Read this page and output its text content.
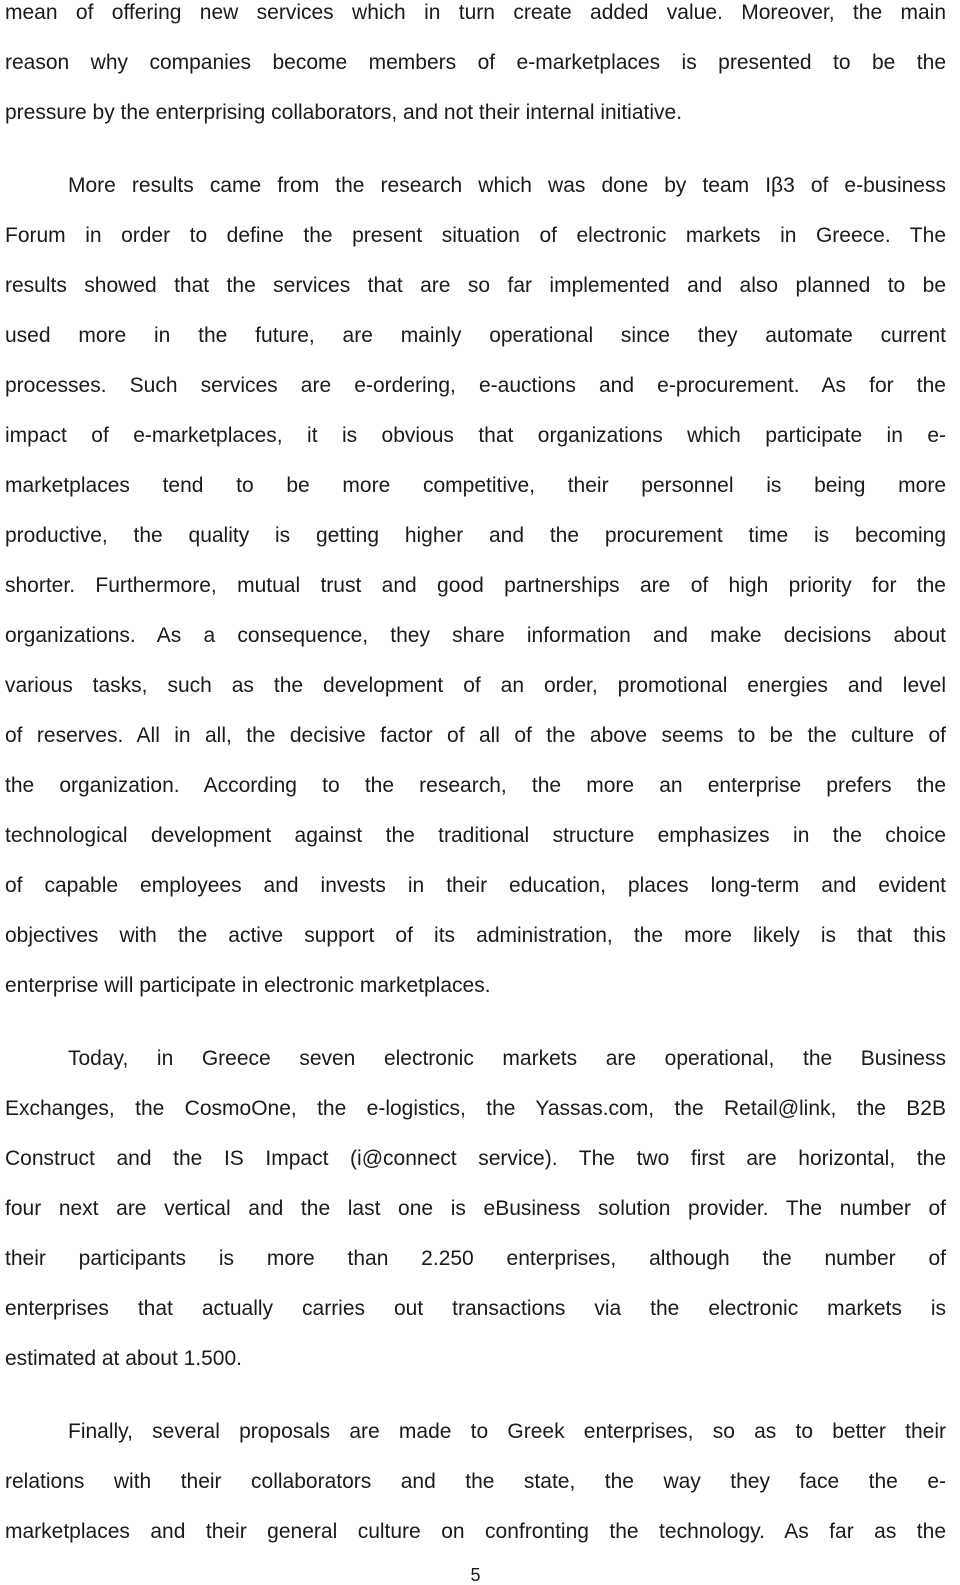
mean of offering new services which in turn create added value. Moreover, the main
reason why companies become members of e-marketplaces is presented to be the
pressure by the enterprising collaborators, and not their internal initiative.
More results came from the research which was done by team Iβ3 of e-business
Forum in order to define the present situation of electronic markets in Greece. The
results showed that the services that are so far implemented and also planned to be
used more in the future, are mainly operational since they automate current
processes. Such services are e-ordering, e-auctions and e-procurement. As for the
impact of e-marketplaces, it is obvious that organizations which participate in e-
marketplaces tend to be more competitive, their personnel is being more
productive, the quality is getting higher and the procurement time is becoming
shorter. Furthermore, mutual trust and good partnerships are of high priority for the
organizations. As a consequence, they share information and make decisions about
various tasks, such as the development of an order, promotional energies and level
of reserves. All in all, the decisive factor of all of the above seems to be the culture of
the organization. According to the research, the more an enterprise prefers the
technological development against the traditional structure emphasizes in the choice
of capable employees and invests in their education, places long-term and evident
objectives with the active support of its administration, the more likely is that this
enterprise will participate in electronic marketplaces.
Today, in Greece seven electronic markets are operational, the Business
Exchanges, the CosmoOne, the e-logistics, the Yassas.com, the Retail@link, the B2B
Construct and the IS Impact (i@connect service). The two first are horizontal, the
four next are vertical and the last one is eBusiness solution provider. The number of
their participants is more than 2.250 enterprises, although the number of
enterprises that actually carries out transactions via the electronic markets is
estimated at about 1.500.
Finally, several proposals are made to Greek enterprises, so as to better their
relations with their collaborators and the state, the way they face the e-
marketplaces and their general culture on confronting the technology. As far as the
5
